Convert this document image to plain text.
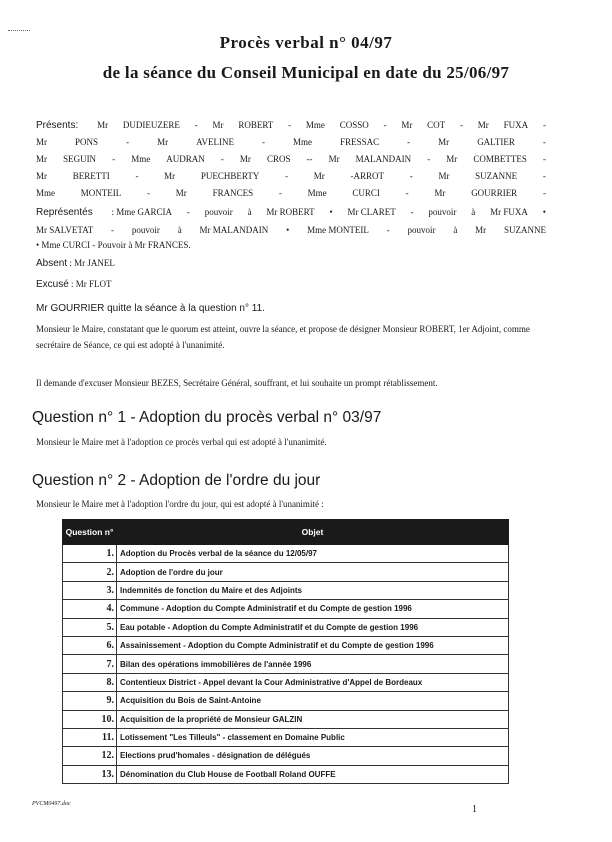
Procès verbal n° 04/97
de la séance du Conseil Municipal en date du 25/06/97
Présents: Mr DUDIEUZERE - Mr ROBERT - Mme COSSO - Mr COT - Mr FUXA -
Mr	PONS	-	Mr	AVELINE	-	Mme	FRESSAC	-	Mr	GALTIER	-
Mr SEGUIN - Mme AUDRAN - Mr CROS -- Mr MALANDAIN - Mr COMBETTES -
Mr	BERETTI	-	Mr	PUECHBERTY	-	Mr	-ARROT	-	Mr	SUZANNE	-
Mme	MONTEIL	-	Mr	FRANCES	-	Mme	CURCI	-	Mr	GOURRIER	-
Représentés : Mme GARCIA - pouvoir à Mr ROBERT • Mr CLARET - pouvoir à Mr FUXA •
Mr SALVETAT - pouvoir à Mr MALANDAIN • Mme MONTEIL - pouvoir à Mr SUZANNE
• Mme CURCI - Pouvoir à Mr FRANCES.
Absent : Mr JANEL
Excusé : Mr FLOT
Mr GOURRIER quitte la séance à la question n° 11.
Monsieur le Maire, constatant que le quorum est atteint, ouvre la séance, et propose de désigner Monsieur ROBERT, 1er Adjoint, comme secrétaire de Séance, ce qui est adopté à l'unanimité.
Il demande d'excuser Monsieur BEZES, Secrétaire Général, souffrant, et lui souhaite un prompt rétablissement.
Question n° 1 - Adoption du procès verbal n° 03/97
Monsieur le Maire met à l'adoption ce procès verbal qui est adopté à l'unanimité.
Question n° 2 - Adoption de l'ordre du jour
Monsieur le Maire met à l'adoption l'ordre du jour, qui est adopté à l'unanimité :
Question n°	Objet
1.	Adoption du Procès verbal de la séance du 12/05/97
2.	Adoption de l'ordre du jour
3.	Indemnités de fonction du Maire et des Adjoints
4.	Commune - Adoption du Compte Administratif et du Compte de gestion 1996
5.	Eau potable - Adoption du Compte Administratif et du Compte de gestion 1996
6.	Assainissement - Adoption du Compte Administratif et du Compte de gestion 1996
7.	Bilan des opérations immobilières de l'année 1996
8.	Contentieux District - Appel devant la Cour Administrative d'Appel de Bordeaux
9.	Acquisition du Bois de Saint-Antoine
10.	Acquisition de la propriété de Monsieur GALZIN
11.	Lotissement "Les Tilleuls" - classement en Domaine Public
12.	Elections prud'homales - désignation de délégués
13.	Dénomination du Club House de Football Roland OUFFE
PVCM0497.doc	1
